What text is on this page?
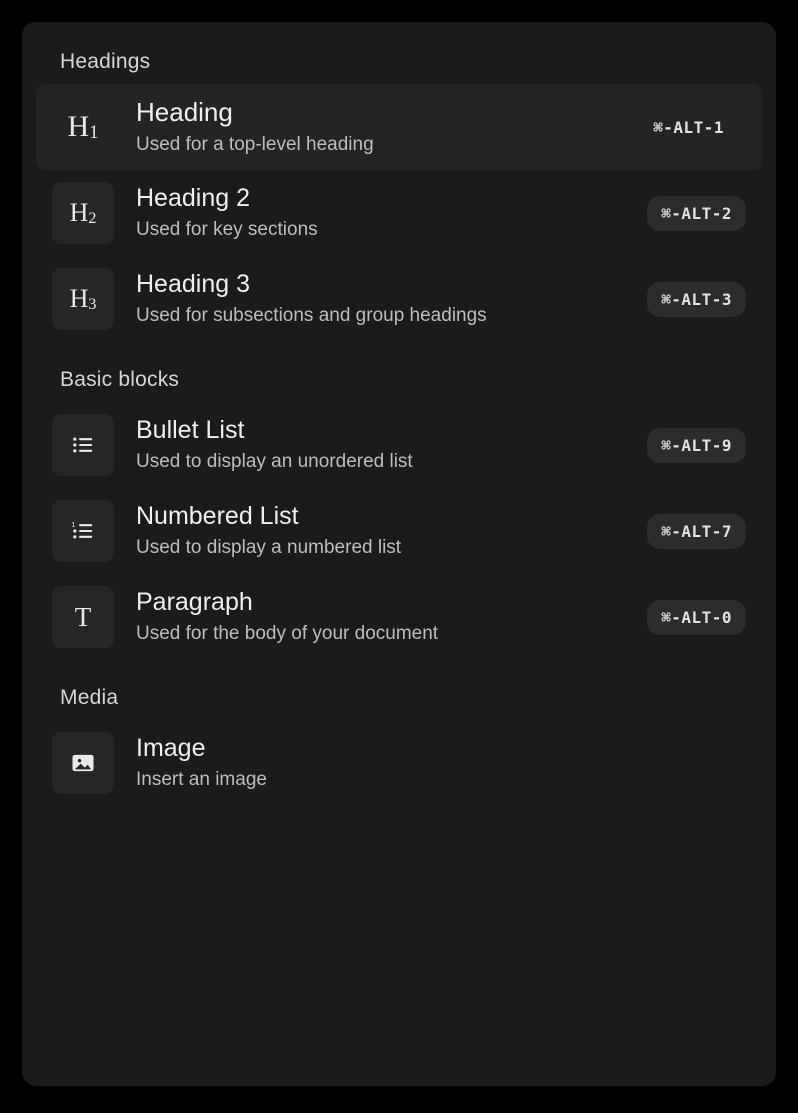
Headings
$H_1$
Heading
Used for a top-level heading
⌘-ALT-1
$H_2$
Heading 2
Used for key sections
⌘-ALT-2
$H_3$
Heading 3
Used for subsections and group headings
⌘-ALT-3
Basic blocks
Bullet List
Used to display an unordered list
⌘-ALT-9
1 Numbered List
Used to display a numbered list
⌘-ALT-7
T Paragraph
Used for the body of your document
⌘-ALT-0
Media
Image
Insert an image
